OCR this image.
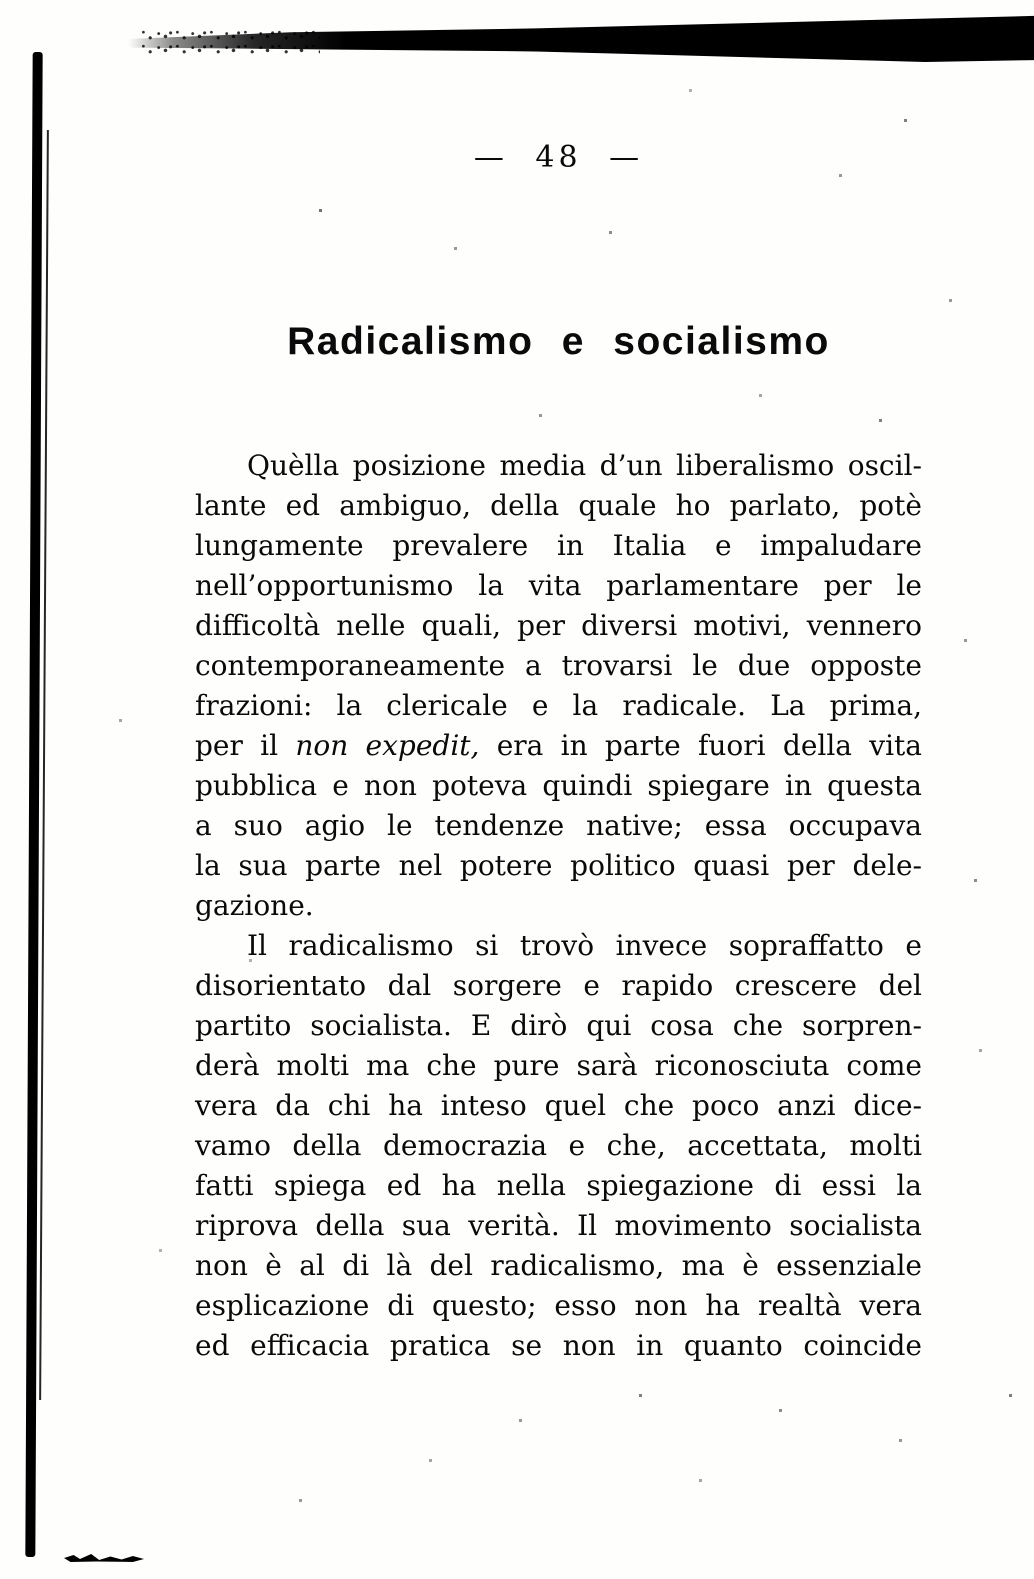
— 48 —
Radicalismo e socialismo
Quèlla posizione media d’un liberalismo oscil-
lante ed ambiguo, della quale ho parlato, potè
lungamente prevalere in Italia e impaludare
nell’opportunismo la vita parlamentare per le
difficoltà nelle quali, per diversi motivi, vennero
contemporaneamente a trovarsi le due opposte
frazioni: la clericale e la radicale. La prima,
per il non expedit, era in parte fuori della vita
pubblica e non poteva quindi spiegare in questa
a suo agio le tendenze native; essa occupava
la sua parte nel potere politico quasi per dele-
gazione.
Il radicalismo si trovò invece sopraffatto e
disorientato dal sorgere e rapido crescere del
partito socialista. E dirò qui cosa che sorpren-
derà molti ma che pure sarà riconosciuta come
vera da chi ha inteso quel che poco anzi dice-
vamo della democrazia e che, accettata, molti
fatti spiega ed ha nella spiegazione di essi la
riprova della sua verità. Il movimento socialista
non è al di là del radicalismo, ma è essenziale
esplicazione di questo; esso non ha realtà vera
ed efficacia pratica se non in quanto coincide
